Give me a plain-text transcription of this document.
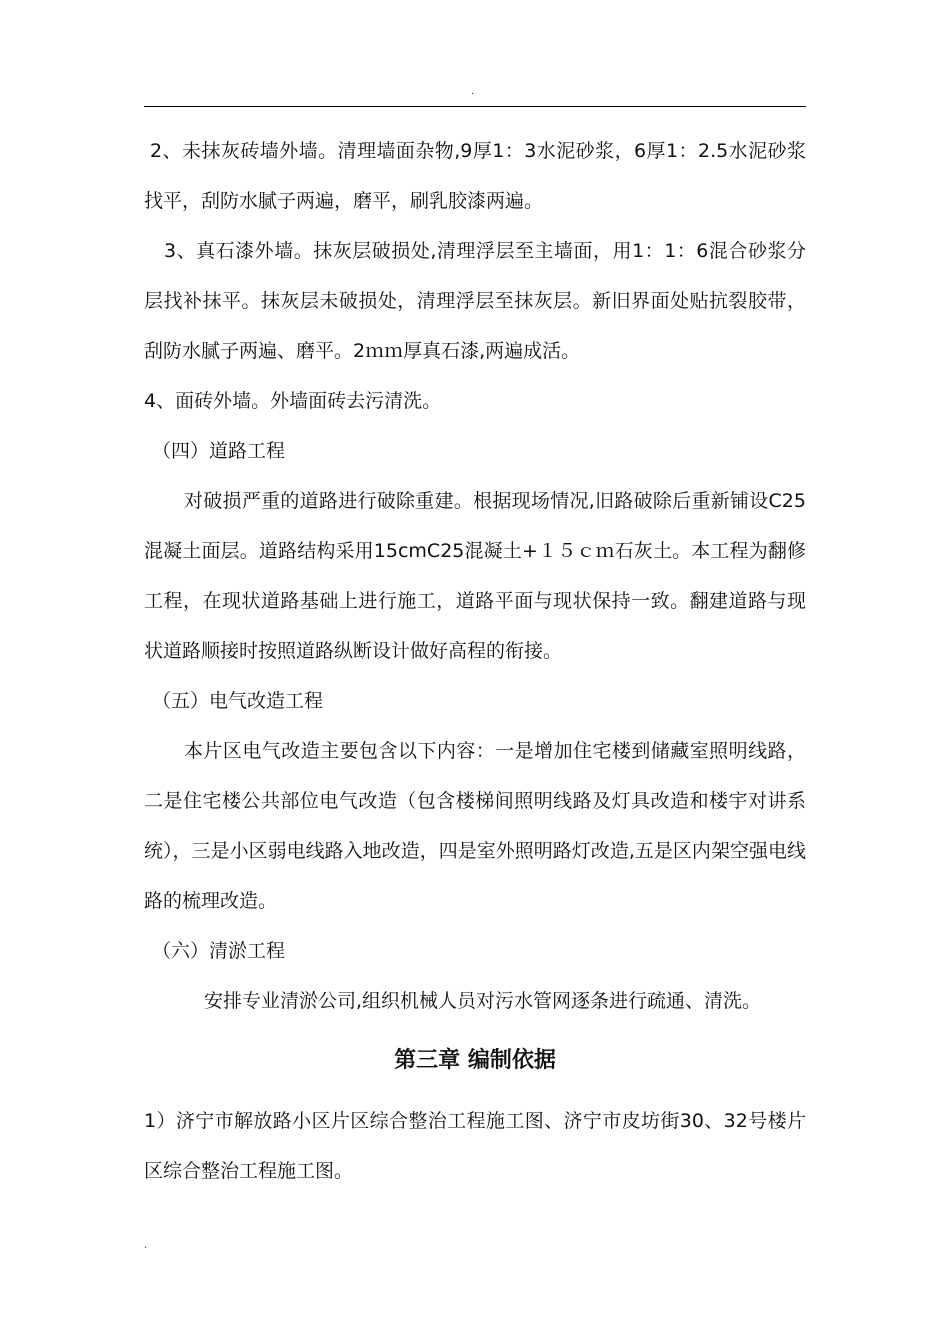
.

2、未抹灰砖墙外墙。清理墙面杂物,9厚1：3水泥砂浆，6厚1：2.5水泥砂浆找平，刮防水腻子两遍，磨平，刷乳胶漆两遍。

3、真石漆外墙。抹灰层破损处,清理浮层至主墙面，用1：1：6混合砂浆分层找补抹平。抹灰层未破损处，清理浮层至抹灰层。新旧界面处贴抗裂胶带，刮防水腻子两遍、磨平。2ｍｍ厚真石漆,两遍成活。

4、面砖外墙。外墙面砖去污清洗。

（四）道路工程

对破损严重的道路进行破除重建。根据现场情况,旧路破除后重新铺设C25混凝土面层。道路结构采用15cmC25混凝土+１５ｃｍ石灰土。本工程为翻修工程，在现状道路基础上进行施工，道路平面与现状保持一致。翻建道路与现状道路顺接时按照道路纵断设计做好高程的衔接。

（五）电气改造工程

本片区电气改造主要包含以下内容：一是增加住宅楼到储藏室照明线路，二是住宅楼公共部位电气改造（包含楼梯间照明线路及灯具改造和楼宇对讲系统），三是小区弱电线路入地改造，四是室外照明路灯改造,五是区内架空强电线路的梳理改造。

（六）清淤工程

安排专业清淤公司,组织机械人员对污水管网逐条进行疏通、清洗。

第三章 编制依据

1）济宁市解放路小区片区综合整治工程施工图、济宁市皮坊街30、32号楼片区综合整治工程施工图。

.
